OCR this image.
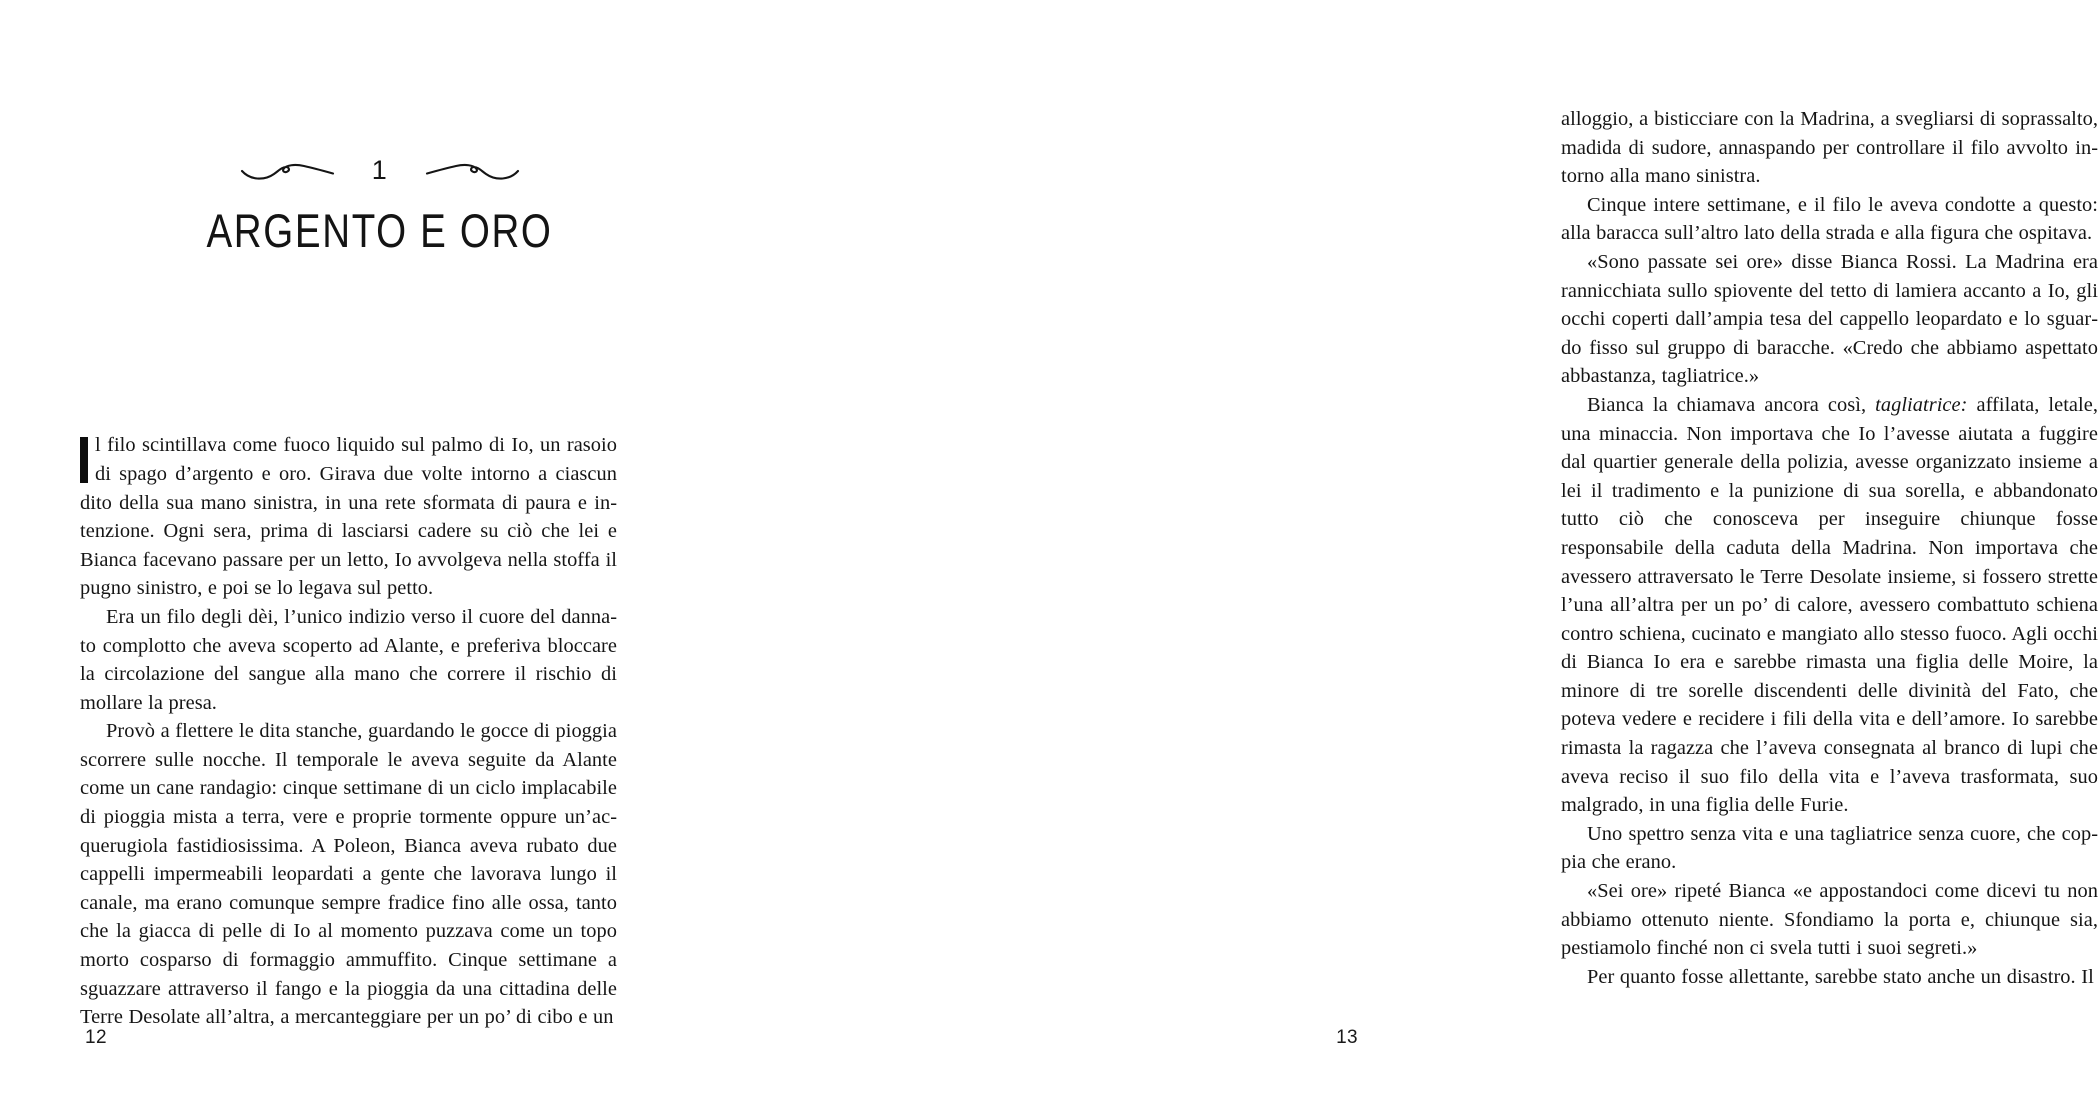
1
ARGENTO E ORO

l filo scintillava come fuoco liquido sul palmo di Io, un rasoio di spago d’argento e oro. Girava due volte intorno a ciascun dito della sua mano sinistra, in una rete sformata di paura e intenzione. Ogni sera, prima di lasciarsi cadere su ciò che lei e Bianca facevano passare per un letto, Io avvolgeva nella stoffa il pugno sinistro, e poi se lo legava sul petto.

Era un filo degli dèi, l’unico indizio verso il cuore del dannato complotto che aveva scoperto ad Alante, e preferiva bloccare la circolazione del sangue alla mano che correre il rischio di mollare la presa.

Provò a flettere le dita stanche, guardando le gocce di pioggia scorrere sulle nocche. Il temporale le aveva seguite da Alante come un cane randagio: cinque settimane di un ciclo implacabile di pioggia mista a terra, vere e proprie tormente oppure un’acquerugiola fastidiosissima. A Poleon, Bianca aveva rubato due cappelli impermeabili leopardati a gente che lavorava lungo il canale, ma erano comunque sempre fradice fino alle ossa, tanto che la giacca di pelle di Io al momento puzzava come un topo morto cosparso di formaggio ammuffito. Cinque settimane a sguazzare attraverso il fango e la pioggia da una cittadina delle Terre Desolate all’altra, a mercanteggiare per un po’ di cibo e un

12

alloggio, a bisticciare con la Madrina, a svegliarsi di soprassalto, madida di sudore, annaspando per controllare il filo avvolto intorno alla mano sinistra.

Cinque intere settimane, e il filo le aveva condotte a questo: alla baracca sull’altro lato della strada e alla figura che ospitava.

«Sono passate sei ore» disse Bianca Rossi. La Madrina era rannicchiata sullo spiovente del tetto di lamiera accanto a Io, gli occhi coperti dall’ampia tesa del cappello leopardato e lo sguardo fisso sul gruppo di baracche. «Credo che abbiamo aspettato abbastanza, tagliatrice.»

Bianca la chiamava ancora così, tagliatrice: affilata, letale, una minaccia. Non importava che Io l’avesse aiutata a fuggire dal quartier generale della polizia, avesse organizzato insieme a lei il tradimento e la punizione di sua sorella, e abbandonato tutto ciò che conosceva per inseguire chiunque fosse responsabile della caduta della Madrina. Non importava che avessero attraversato le Terre Desolate insieme, si fossero strette l’una all’altra per un po’ di calore, avessero combattuto schiena contro schiena, cucinato e mangiato allo stesso fuoco. Agli occhi di Bianca Io era e sarebbe rimasta una figlia delle Moire, la minore di tre sorelle discendenti delle divinità del Fato, che poteva vedere e recidere i fili della vita e dell’amore. Io sarebbe rimasta la ragazza che l’aveva consegnata al branco di lupi che aveva reciso il suo filo della vita e l’aveva trasformata, suo malgrado, in una figlia delle Furie.

Uno spettro senza vita e una tagliatrice senza cuore, che coppia che erano.

«Sei ore» ripeté Bianca «e appostandoci come dicevi tu non abbiamo ottenuto niente. Sfondiamo la porta e, chiunque sia, pestiamolo finché non ci svela tutti i suoi segreti.»

Per quanto fosse allettante, sarebbe stato anche un disastro. Il

13
